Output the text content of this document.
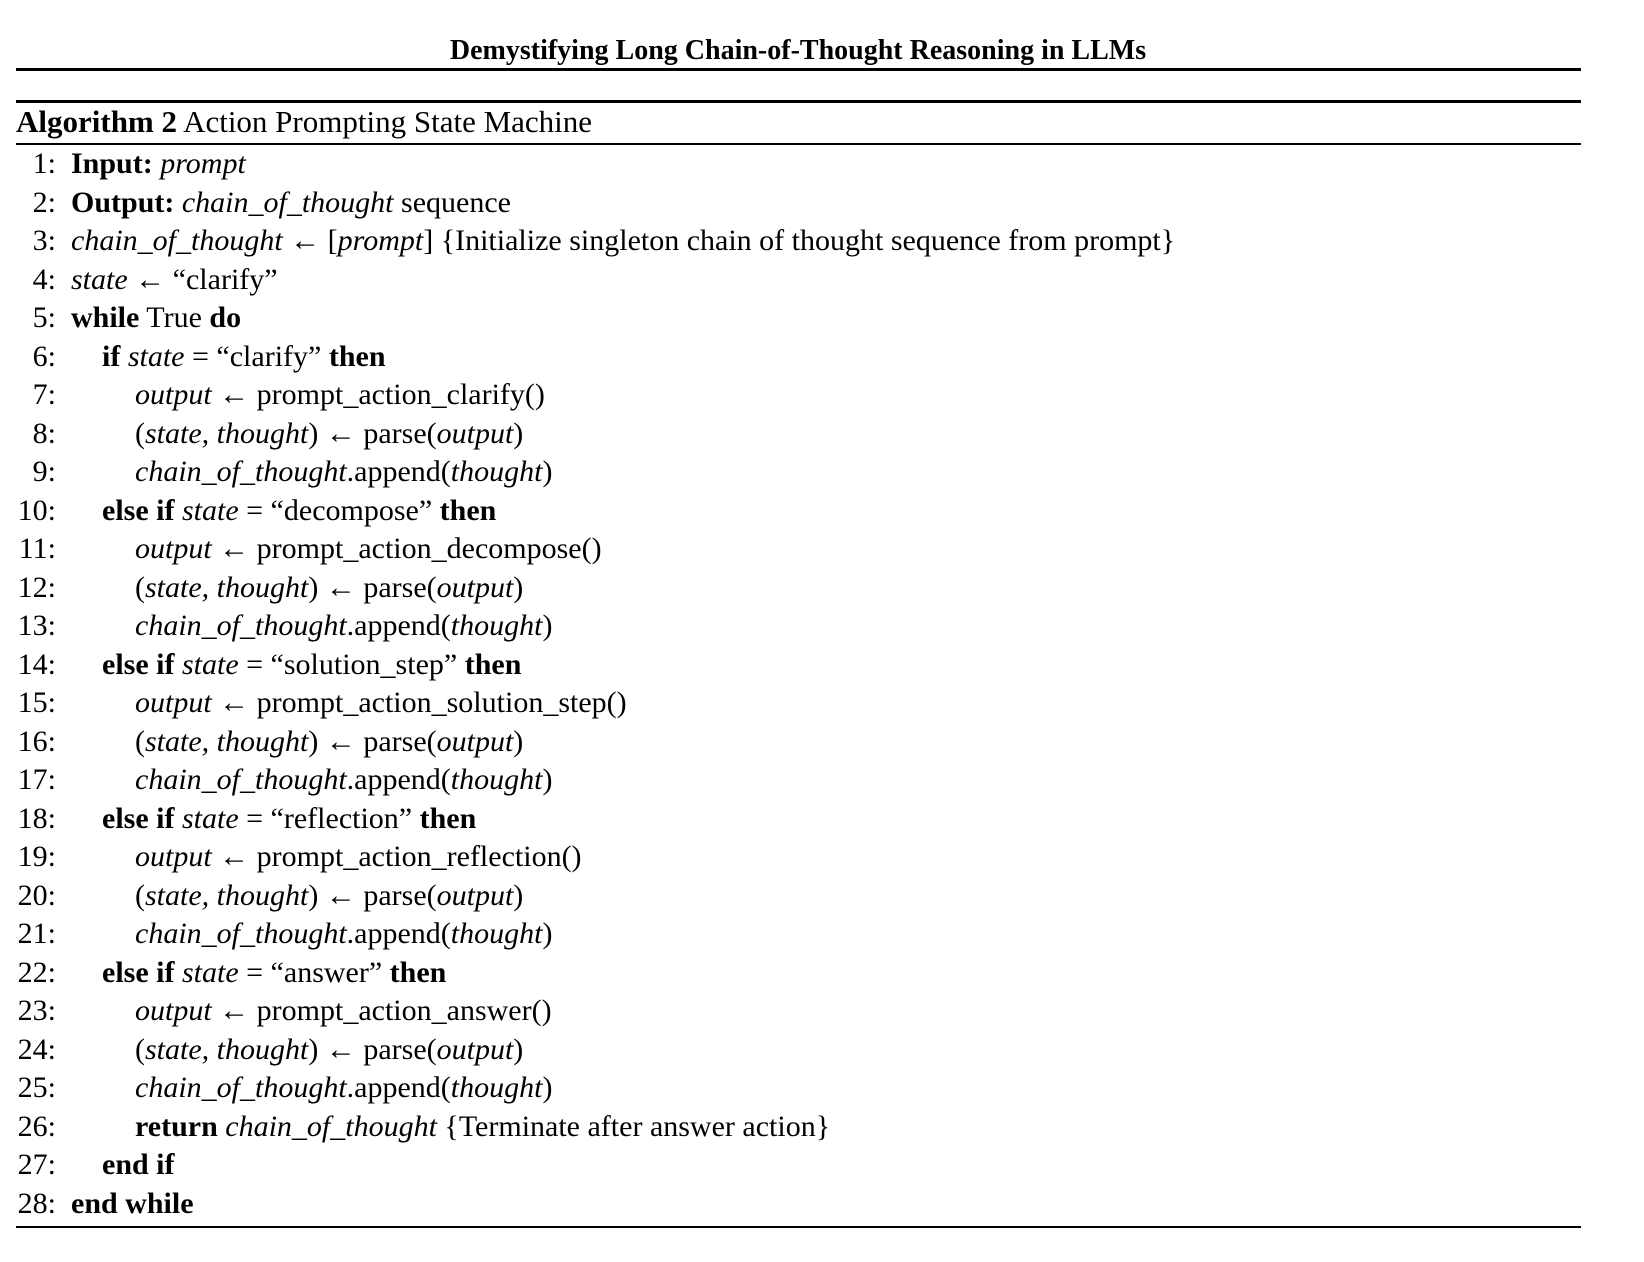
Demystifying Long Chain-of-Thought Reasoning in LLMs
Algorithm 2 Action Prompting State Machine
1: Input: prompt
2: Output: chain_of_thought sequence
3: chain_of_thought ← [prompt] {Initialize singleton chain of thought sequence from prompt}
4: state ← “clarify”
5: while True do
6: if state = “clarify” then
7:	output ← prompt_action_clarify()
8:	(state, thought) ← parse(output)
9:	chain_of_thought.append(thought)
10: else if state = “decompose” then
11:	output ← prompt_action_decompose()
12:	(state, thought) ← parse(output)
13:	chain_of_thought.append(thought)
14: else if state = “solution_step” then
15:	output ← prompt_action_solution_step()
16:	(state, thought) ← parse(output)
17:	chain_of_thought.append(thought)
18: else if state = “reflection” then
19:	output ← prompt_action_reflection()
20:	(state, thought) ← parse(output)
21:	chain_of_thought.append(thought)
22: else if state = “answer” then
23:	output ← prompt_action_answer()
24:	(state, thought) ← parse(output)
25:	chain_of_thought.append(thought)
26:	return chain_of_thought {Terminate after answer action}
27: end if
28: end while
